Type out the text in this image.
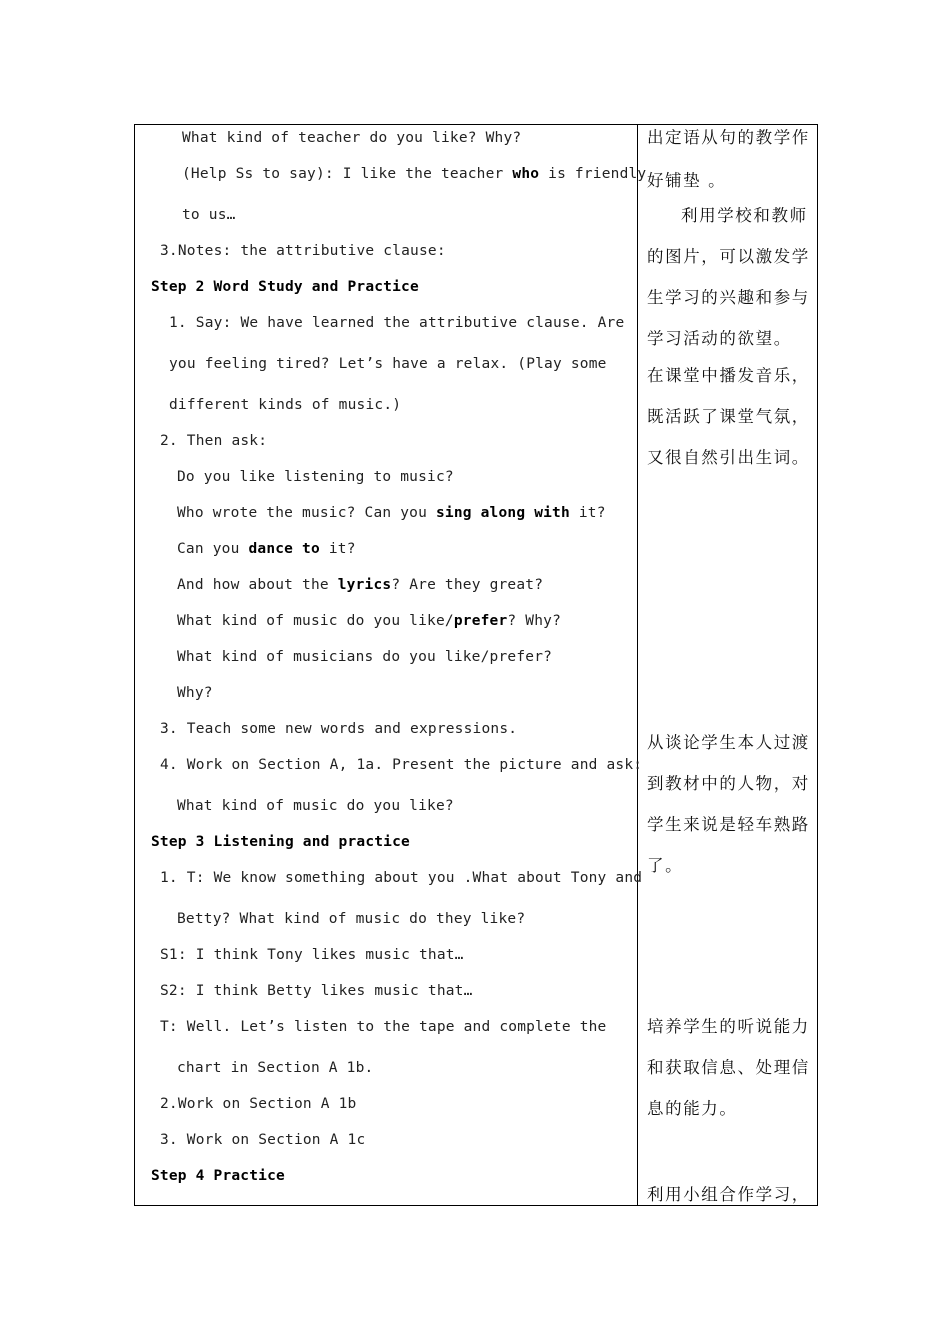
What kind of teacher do you like? Why?
(Help Ss to say): I like the teacher who is friendly
to us…
3.Notes: the attributive clause:
Step 2 Word Study and Practice
1. Say: We have learned the attributive clause. Are
you feeling tired? Let’s have a relax. (Play some
different kinds of music.)
2. Then ask:
Do you like listening to music?
Who wrote the music? Can you sing along with it?
Can you dance to it?
And how about the lyrics? Are they great?
What kind of music do you like/prefer? Why?
What kind of musicians do you like/prefer?
Why?
3. Teach some new words and expressions.
4. Work on Section A, 1a. Present the picture and ask:
What kind of music do you like?
Step 3 Listening and practice
1. T: We know something about you .What about Tony and
Betty? What kind of music do they like?
S1: I think Tony likes music that…
S2: I think Betty likes music that…
T: Well. Let’s listen to the tape and complete the
chart in Section A 1b.
2.Work on Section A 1b
3. Work on Section A 1c
Step 4 Practice
出定语从句的教学作
好铺垫 。
利用学校和教师
的图片，可以激发学
生学习的兴趣和参与
学习活动的欲望。
在课堂中播发音乐，
既活跃了课堂气氛，
又很自然引出生词。
从谈论学生本人过渡
到教材中的人物，对
学生来说是轻车熟路
了。
培养学生的听说能力
和获取信息、处理信
息的能力。
利用小组合作学习，
